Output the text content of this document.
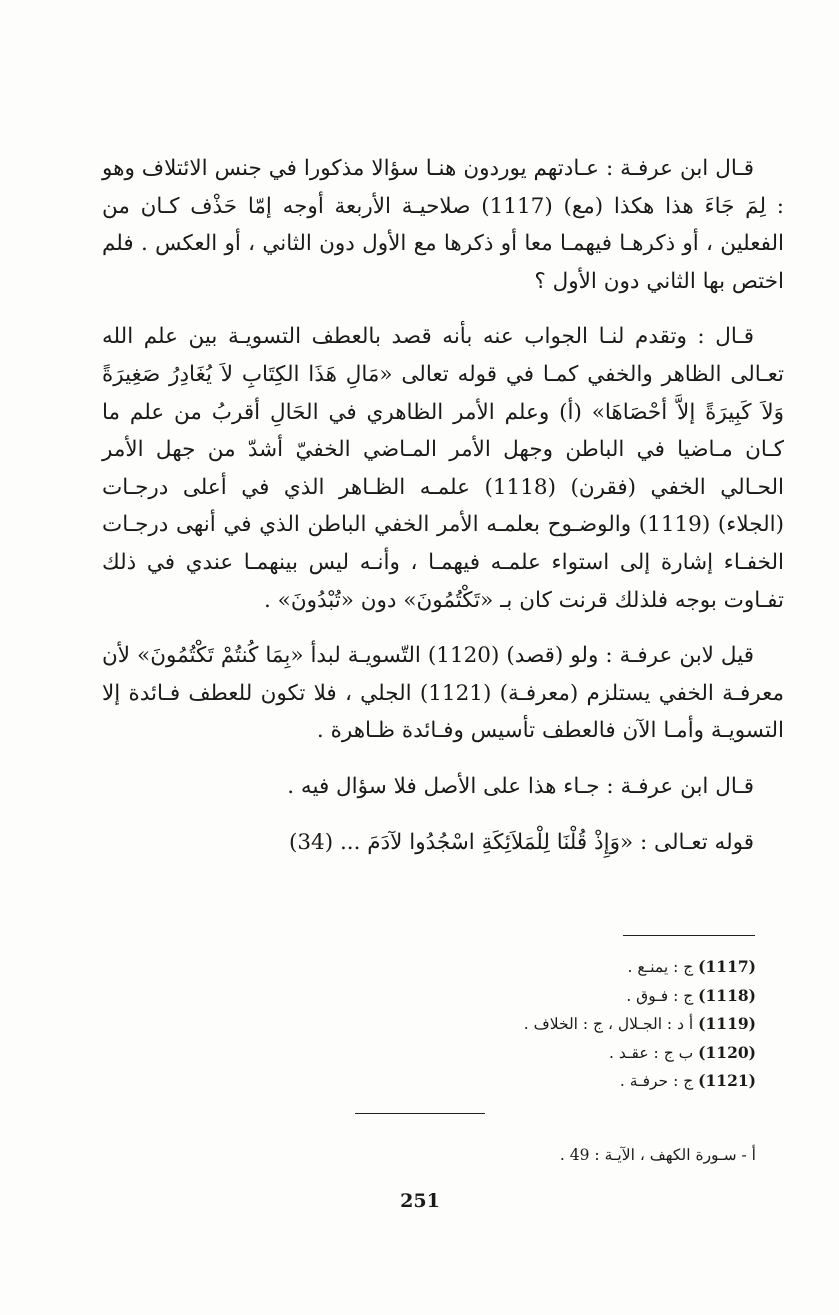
قـال ابن عرفـة : عـادتهم يوردون هنـا سؤالا مذكورا في جنس الائتلاف وهو : لِمَ جَاءَ هذا هكذا (مع) (1117) صلاحيـة الأربعة أوجه إمّا حَذْف كـان من الفعلين ، أو ذكرهـا فيهمـا معا أو ذكرها مع الأول دون الثاني ، أو العكس . فلم اختص بها الثاني دون الأول ؟

قـال : وتقدم لنـا الجواب عنه بأنه قصد بالعطف التسويـة بين علم الله تعـالى الظاهر والخفي كمـا في قوله تعالى «مَالِ هَذَا الكِتَابِ لاَ يُغَادِرُ صَغِيرَةً وَلاَ كَبِيرَةً إلاَّ أحْصَاهَا» (أ) وعلم الأمر الظاهري في الحَالِ أقربُ من علم ما كـان مـاضيا في الباطن وجهل الأمر المـاضي الخفيّ أشدّ من جهل الأمر الحـالي الخفي (فقرن) (1118) علمـه الظـاهر الذي في أعلى درجـات (الجلاء) (1119) والوضـوح بعلمـه الأمر الخفي الباطن الذي في أنهى درجـات الخفـاء إشارة إلى استواء علمـه فيهمـا ، وأنـه ليس بينهمـا عندي في ذلك تفـاوت بوجه فلذلك قرنت كان بـ «تَكْتُمُونَ» دون «تُبْدُونَ» .

قيل لابن عرفـة : ولو (قصد) (1120) التّسويـة لبدأ «بِمَا كُنتُمْ تَكْتُمُونَ» لأن معرفـة الخفي يستلزم (معرفـة) (1121) الجلي ، فلا تكون للعطف فـائدة إلا التسويـة وأمـا الآن فالعطف تأسيس وفـائدة ظـاهرة .

قـال ابن عرفـة : جـاء هذا على الأصل فلا سؤال فيه .

قوله تعـالى : «وَإِذْ قُلْنَا لِلْمَلاَئِكَةِ اسْجُدُوا لآدَمَ ... (34)

(1117) ج : يمنـع .
(1118) ج : فـوق .
(1119) أ د : الجـلال ، ج : الخلاف .
(1120) ب ج : عقـد .
(1121) ج : حرفـة .
أ - سـورة الكهف ، الآيـة : 49 .
251
